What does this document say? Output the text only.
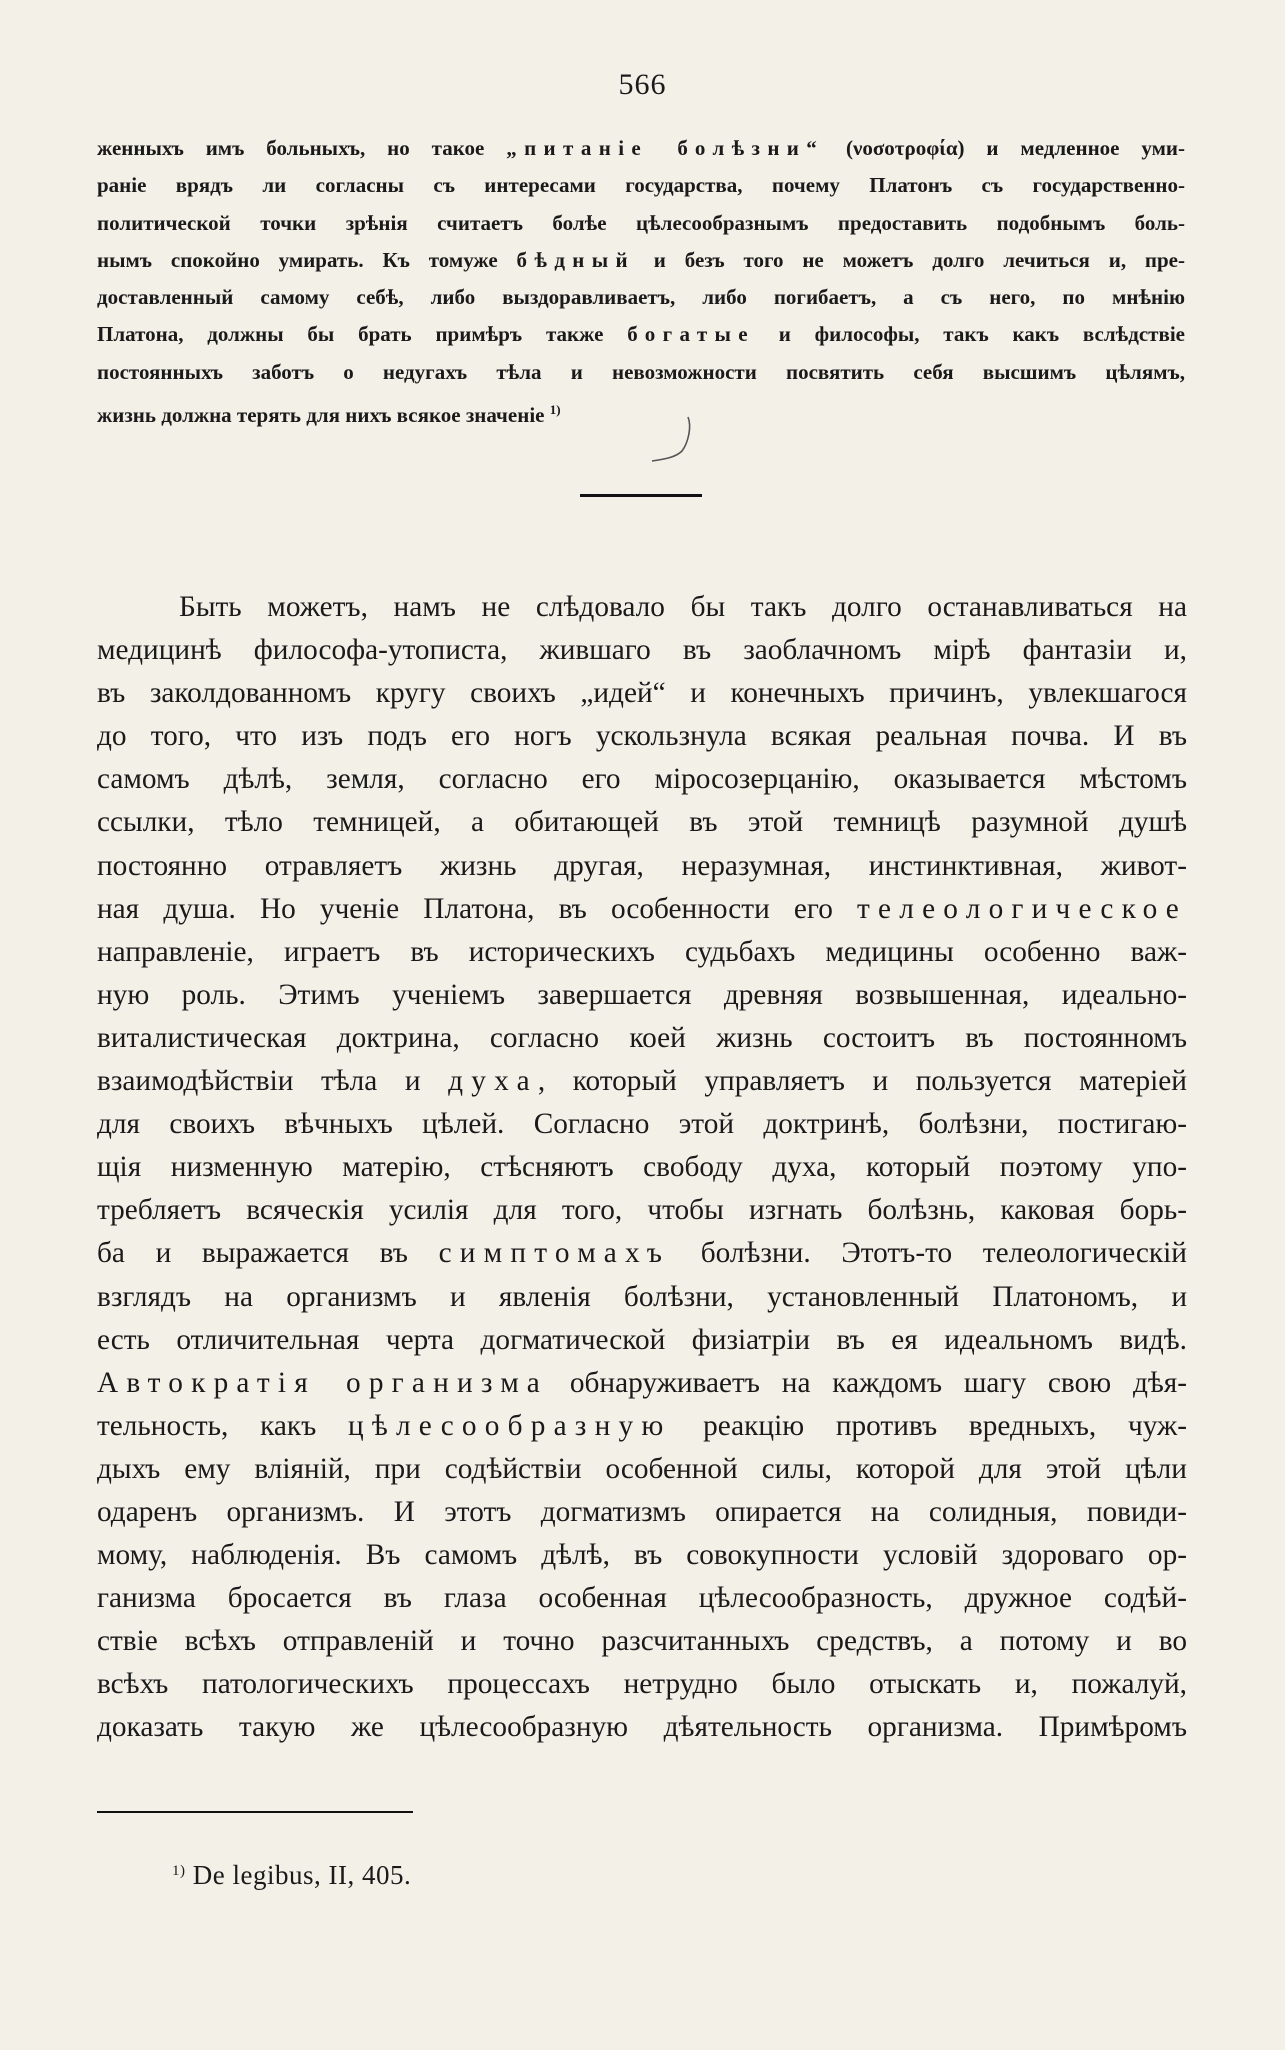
566
женныхъ имъ больныхъ, но такое „питаніе болѣзни“ (νοσοτροφία) и медленное уми-
раніе врядъ ли согласны съ интересами государства, почему Платонъ съ государственно-
политической точки зрѣнія считаетъ болѣе цѣлесообразнымъ предоставить подобнымъ боль-
нымъ спокойно умирать. Къ томуже бѣдный и безъ того не можетъ долго лечиться и, пре-
доставленный самому себѣ, либо выздоравливаетъ, либо погибаетъ, а съ него, по мнѣнію
Платона, должны бы брать примѣръ также богатые и философы, такъ какъ вслѣдствіе
постоянныхъ заботъ о недугахъ тѣла и невозможности посвятить себя высшимъ цѣлямъ,
жизнь должна терять для нихъ всякое значеніе $^{1)}$
Быть можетъ, намъ не слѣдовало бы такъ долго останавливаться на
медицинѣ философа-утописта, жившаго въ заоблачномъ мірѣ фантазіи и,
въ заколдованномъ кругу своихъ „идей“ и конечныхъ причинъ, увлекшагося
до того, что изъ подъ его ногъ ускользнула всякая реальная почва. И въ
самомъ дѣлѣ, земля, согласно его міросозерцанію, оказывается мѣстомъ
ссылки, тѣло темницей, а обитающей въ этой темницѣ разумной душѣ
постоянно отравляетъ жизнь другая, неразумная, инстинктивная, живот-
ная душа. Но ученіе Платона, въ особенности его телеологическое
направленіе, играетъ въ историческихъ судьбахъ медицины особенно важ-
ную роль. Этимъ ученіемъ завершается древняя возвышенная, идеально-
виталистическая доктрина, согласно коей жизнь состоитъ въ постоянномъ
взаимодѣйствіи тѣла и духа, который управляетъ и пользуется матеріей
для своихъ вѣчныхъ цѣлей. Согласно этой доктринѣ, болѣзни, постигаю-
щія низменную матерію, стѣсняютъ свободу духа, который поэтому упо-
требляетъ всяческія усилія для того, чтобы изгнать болѣзнь, каковая борь-
ба и выражается въ симптомахъ болѣзни. Этотъ-то телеологическій
взглядъ на организмъ и явленія болѣзни, установленный Платономъ, и
есть отличительная черта догматической физіатріи въ ея идеальномъ видѣ.
Автократія организма обнаруживаетъ на каждомъ шагу свою дѣя-
тельность, какъ цѣлесообразную реакцію противъ вредныхъ, чуж-
дыхъ ему вліяній, при содѣйствіи особенной силы, которой для этой цѣли
одаренъ организмъ. И этотъ догматизмъ опирается на солидныя, повиди-
мому, наблюденія. Въ самомъ дѣлѣ, въ совокупности условій здороваго ор-
ганизма бросается въ глаза особенная цѣлесообразность, дружное содѣй-
ствіе всѣхъ отправленій и точно разсчитанныхъ средствъ, а потому и во
всѣхъ патологическихъ процессахъ нетрудно было отыскать и, пожалуй,
доказать такую же цѣлесообразную дѣятельность организма. Примѣромъ
$^{1)}$ De legibus, II, 405.
